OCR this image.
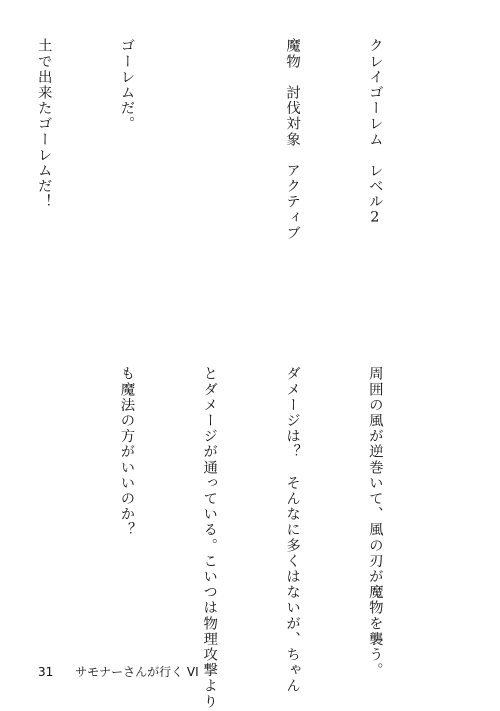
クレイゴーレム　レベル2

魔物　討伐対象　アクティブ

ゴーレムだ。

土で出来たゴーレムだ！

周囲の風が逆巻いて、風の刃が魔物を襲う。

ダメージは？　そんなに多くはないが、ちゃん

とダメージが通っている。こいつは物理攻撃より

も魔法の方がいいのか？

31 サモナーさんが行く VI
